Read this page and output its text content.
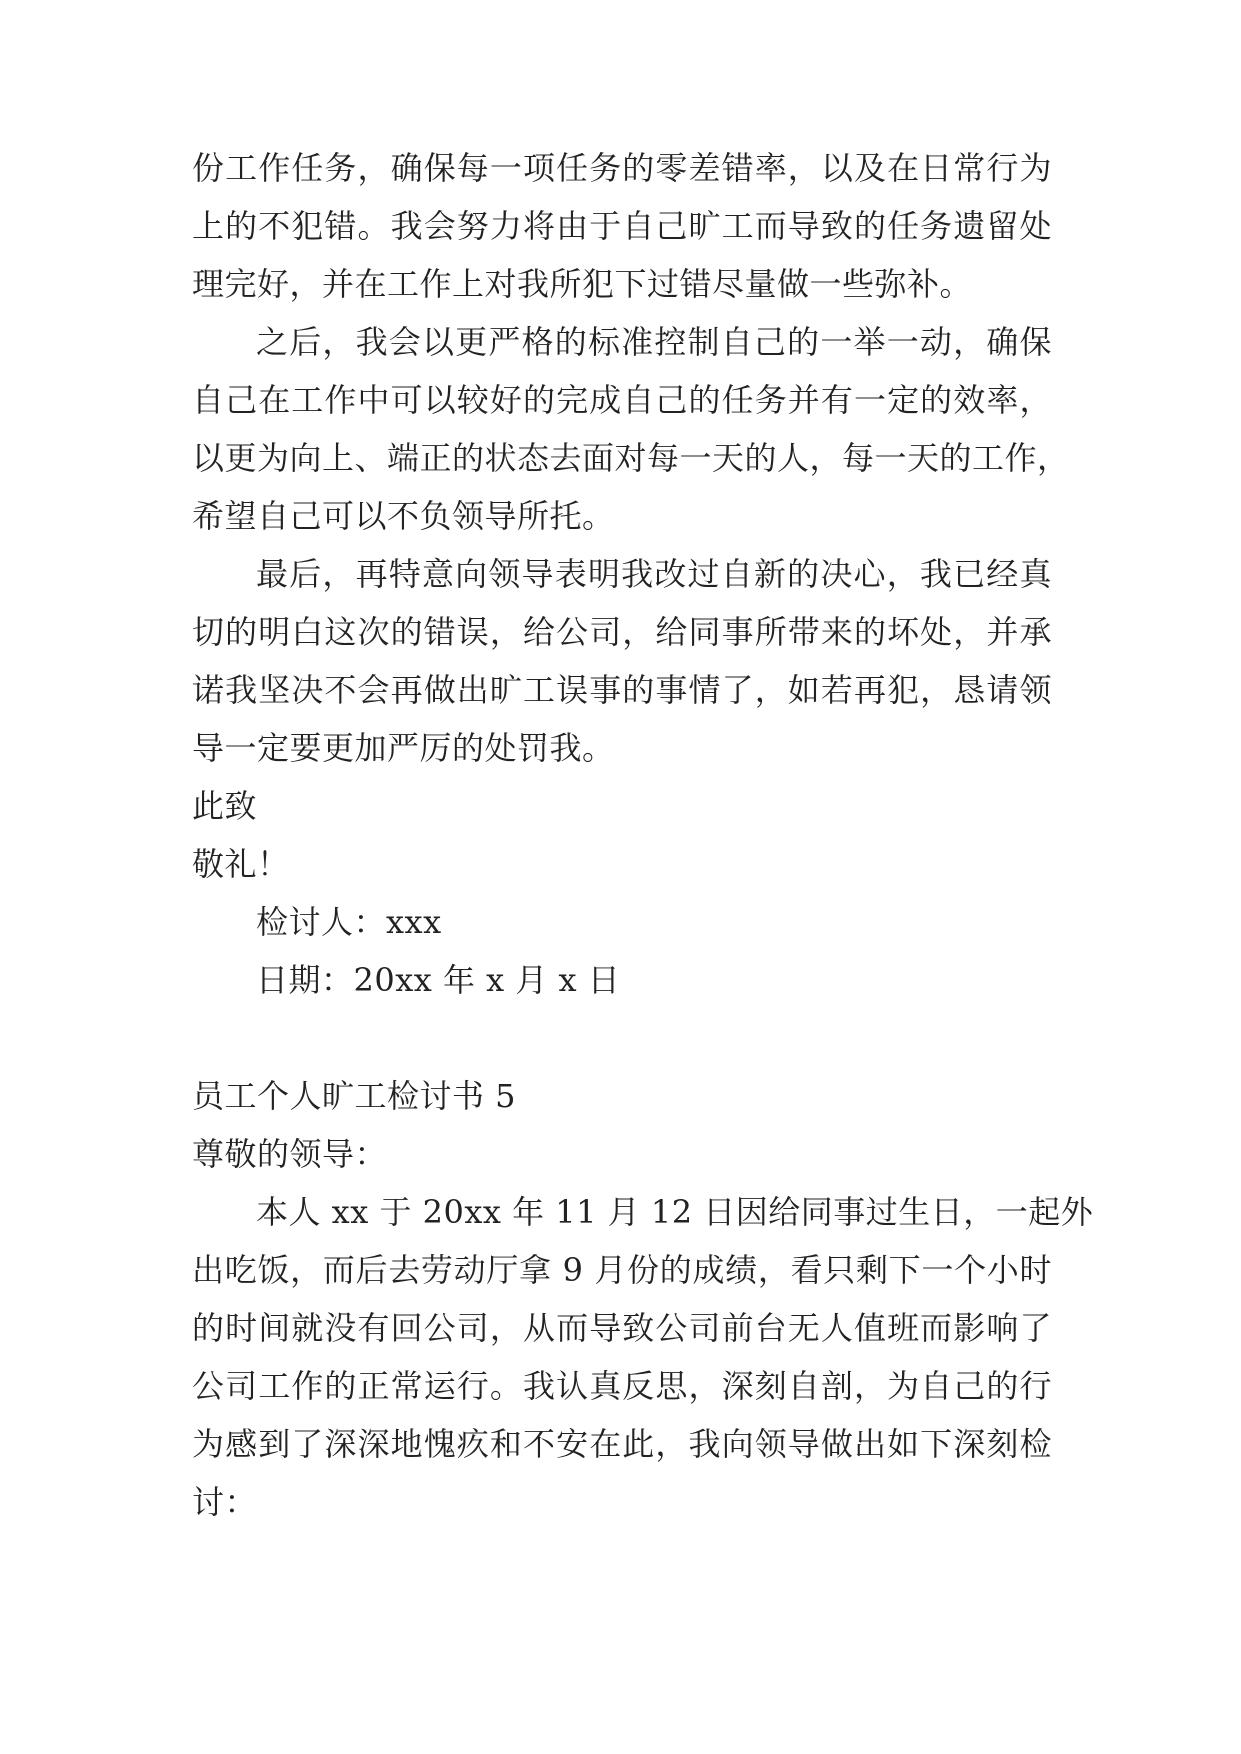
份工作任务，确保每一项任务的零差错率，以及在日常行为
上的不犯错。我会努力将由于自己旷工而导致的任务遗留处
理完好，并在工作上对我所犯下过错尽量做一些弥补。
之后，我会以更严格的标准控制自己的一举一动，确保
自己在工作中可以较好的完成自己的任务并有一定的效率，
以更为向上、端正的状态去面对每一天的人，每一天的工作，
希望自己可以不负领导所托。
最后，再特意向领导表明我改过自新的决心，我已经真
切的明白这次的错误，给公司，给同事所带来的坏处，并承
诺我坚决不会再做出旷工误事的事情了，如若再犯，恳请领
导一定要更加严厉的处罚我。
此致
敬礼！
检讨人：xxx
日期：20xx 年 x 月 x 日
员工个人旷工检讨书 5
尊敬的领导：
本人 xx 于 20xx 年 11 月 12 日因给同事过生日，一起外
出吃饭，而后去劳动厅拿 9 月份的成绩，看只剩下一个小时
的时间就没有回公司，从而导致公司前台无人值班而影响了
公司工作的正常运行。我认真反思，深刻自剖，为自己的行
为感到了深深地愧疚和不安在此，我向领导做出如下深刻检
讨：
